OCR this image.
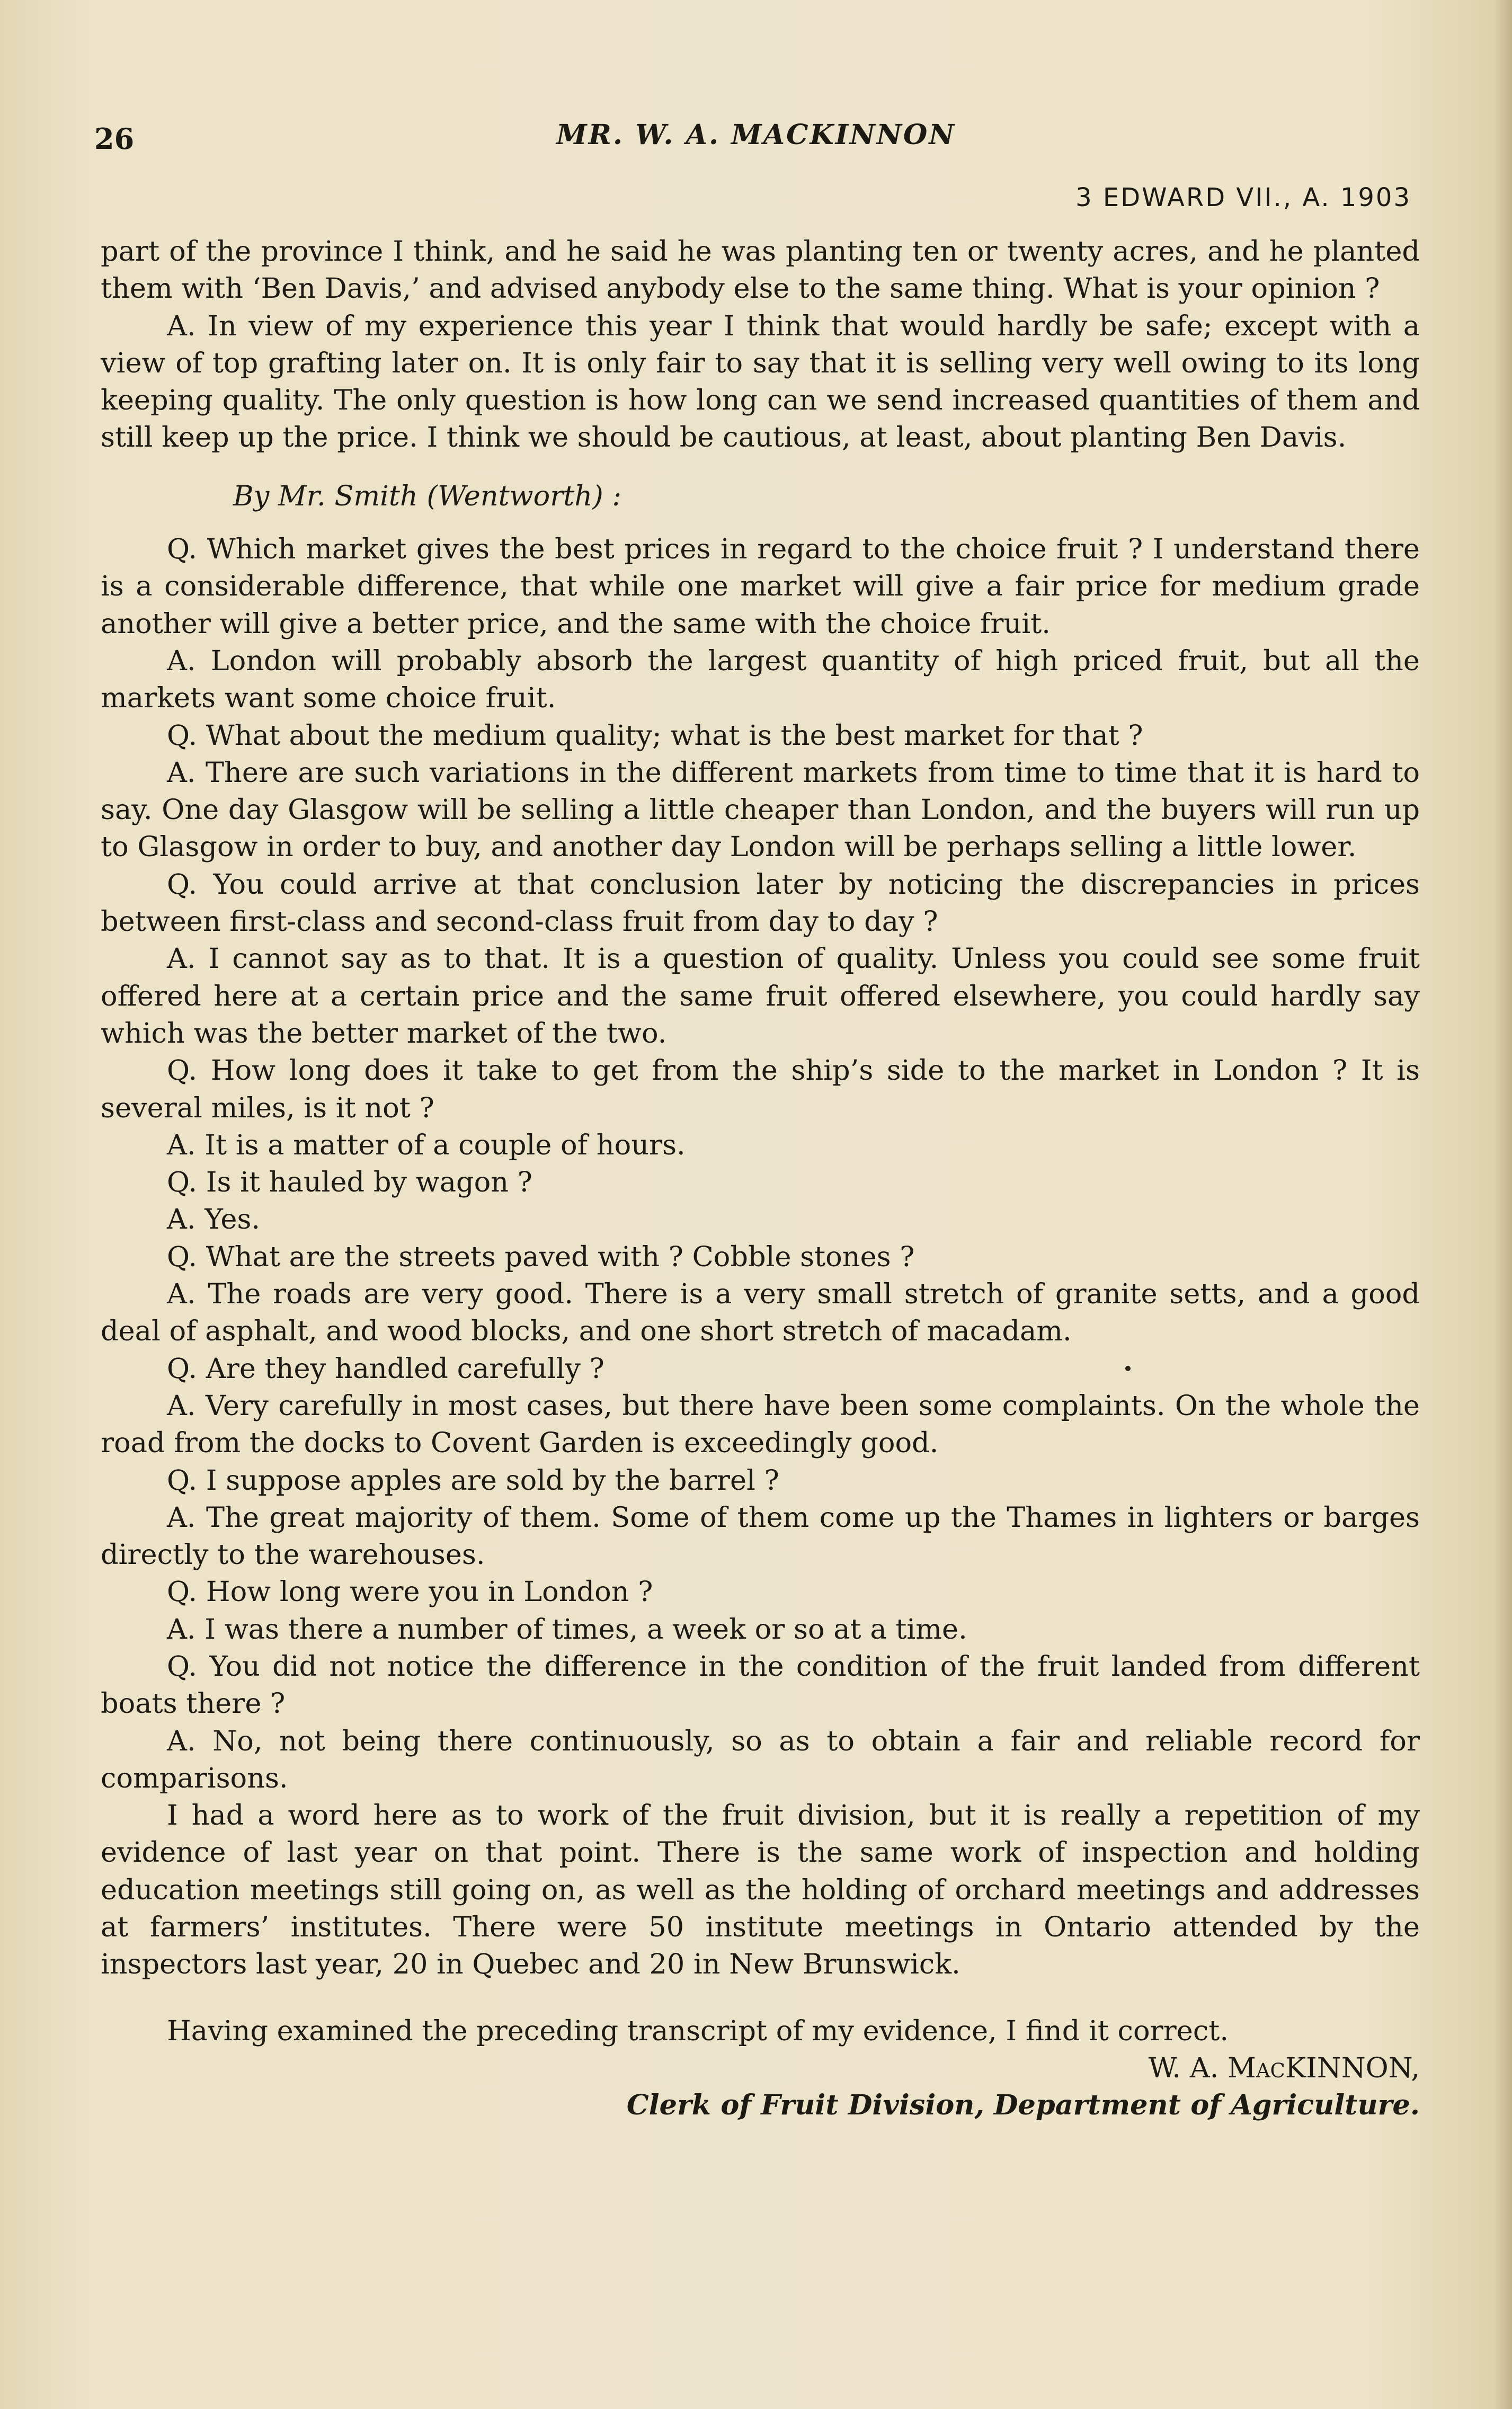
26	MR. W. A. MACKINNON
3 EDWARD VII., A. 1903

part of the province I think, and he said he was planting ten or twenty acres, and he planted them with ‘Ben Davis,’ and advised anybody else to the same thing. What is your opinion ?

A. In view of my experience this year I think that would hardly be safe; except with a view of top grafting later on. It is only fair to say that it is selling very well owing to its long keeping quality. The only question is how long can we send increased quantities of them and still keep up the price. I think we should be cautious, at least, about planting Ben Davis.

By Mr. Smith (Wentworth) :

Q. Which market gives the best prices in regard to the choice fruit ? I understand there is a considerable difference, that while one market will give a fair price for medium grade another will give a better price, and the same with the choice fruit.

A. London will probably absorb the largest quantity of high priced fruit, but all the markets want some choice fruit.

Q. What about the medium quality; what is the best market for that ?

A. There are such variations in the different markets from time to time that it is hard to say. One day Glasgow will be selling a little cheaper than London, and the buyers will run up to Glasgow in order to buy, and another day London will be perhaps selling a little lower.

Q. You could arrive at that conclusion later by noticing the discrepancies in prices between first-class and second-class fruit from day to day ?

A. I cannot say as to that. It is a question of quality. Unless you could see some fruit offered here at a certain price and the same fruit offered elsewhere, you could hardly say which was the better market of the two.

Q. How long does it take to get from the ship’s side to the market in London ? It is several miles, is it not ?

A. It is a matter of a couple of hours.

Q. Is it hauled by wagon ?

A. Yes.

Q. What are the streets paved with ? Cobble stones ?

A. The roads are very good. There is a very small stretch of granite setts, and a good deal of asphalt, and wood blocks, and one short stretch of macadam.

Q. Are they handled carefully ?

A. Very carefully in most cases, but there have been some complaints. On the whole the road from the docks to Covent Garden is exceedingly good.

Q. I suppose apples are sold by the barrel ?

A. The great majority of them. Some of them come up the Thames in lighters or barges directly to the warehouses.

Q. How long were you in London ?

A. I was there a number of times, a week or so at a time.

Q. You did not notice the difference in the condition of the fruit landed from different boats there ?

A. No, not being there continuously, so as to obtain a fair and reliable record for comparisons.

I had a word here as to work of the fruit division, but it is really a repetition of my evidence of last year on that point. There is the same work of inspection and holding education meetings still going on, as well as the holding of orchard meetings and addresses at farmers’ institutes. There were 50 institute meetings in Ontario attended by the inspectors last year, 20 in Quebec and 20 in New Brunswick.

Having examined the preceding transcript of my evidence, I find it correct.

W. A. MacKINNON,

Clerk of Fruit Division, Department of Agriculture.
